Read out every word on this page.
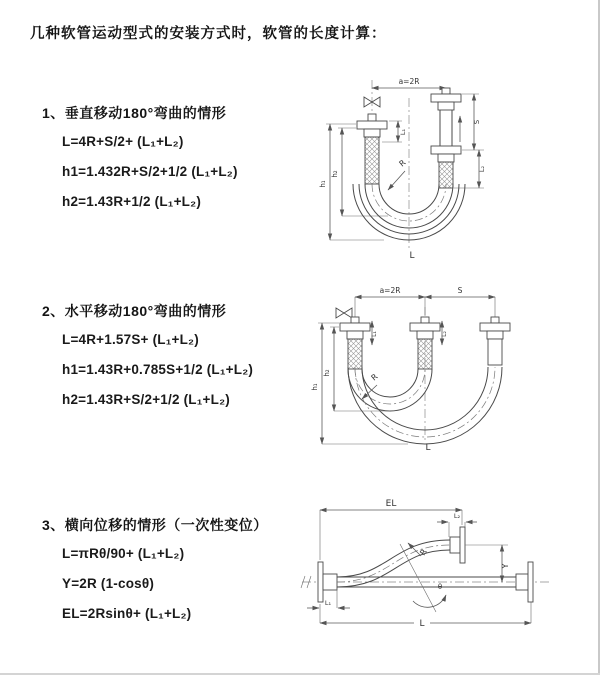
几种软管运动型式的安装方式时，软管的长度计算：
1、垂直移动180°弯曲的情形
L=4R+S/2+ (L₁+L₂)
h1=1.432R+S/2+1/2 (L₁+L₂)
h2=1.43R+1/2 (L₁+L₂)
2、水平移动180°弯曲的情形
L=4R+1.57S+ (L₁+L₂)
h1=1.43R+0.785S+1/2 (L₁+L₂)
h2=1.43R+S/2+1/2 (L₁+L₂)
3、横向位移的情形（一次性变位）
L=πRθ/90+ (L₁+L₂)
Y=2R (1-cosθ)
EL=2Rsinθ+ (L₁+L₂)
a=2R
L₁
S
L₂
h₁
h₂
R
L
a=2R	S
L₁	L₂
h₁
h₂	R
L
EL
L₂
Y
R
θ
L
L₁
